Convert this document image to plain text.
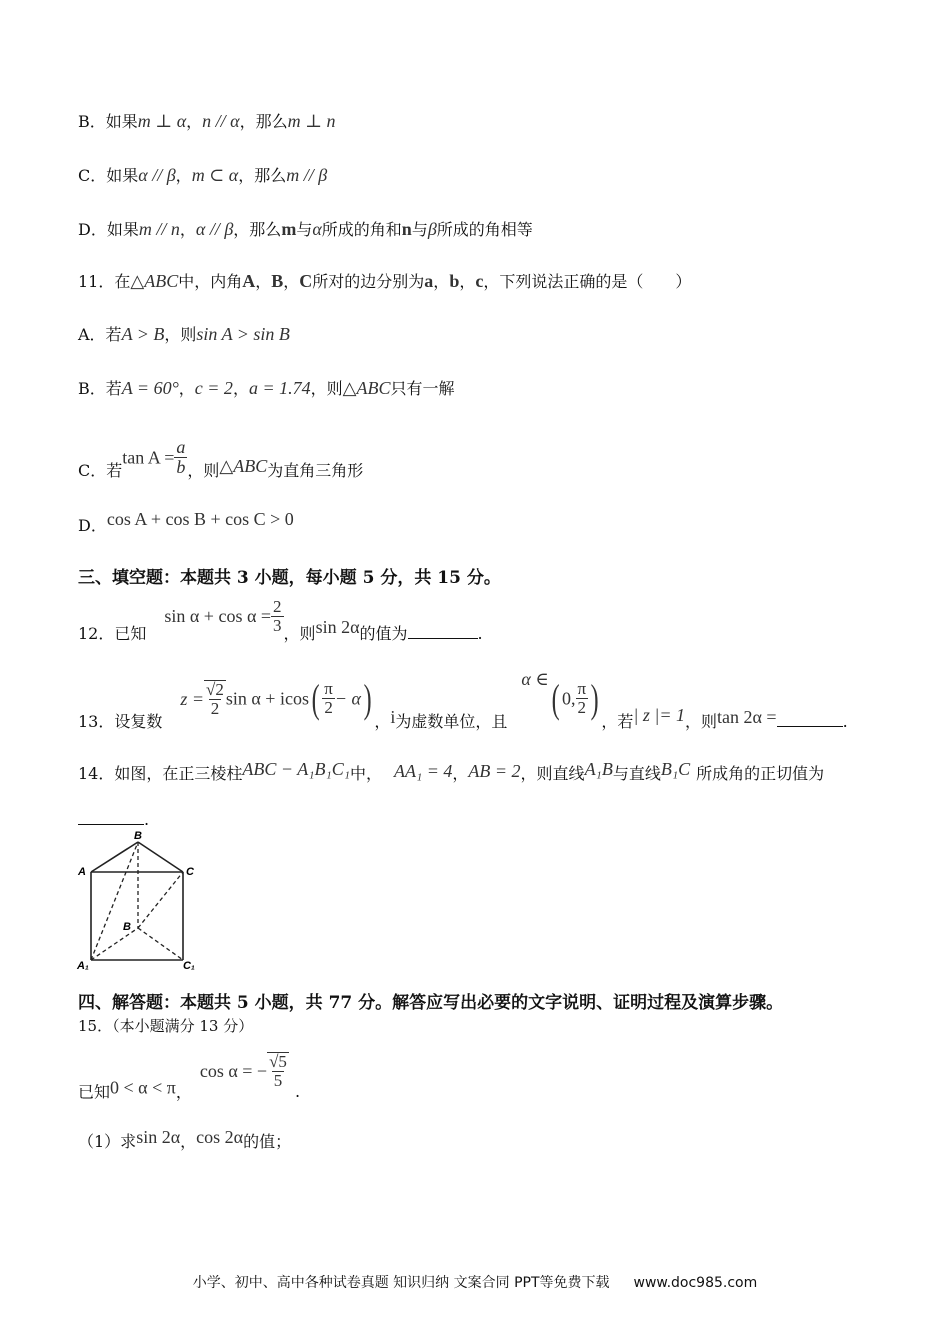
B．如果m ⊥ α，n // α，那么m ⊥ n
C．如果α // β，m ⊂ α，那么m // β
D．如果m // n，α // β，那么m与α所成的角和n与β所成的角相等
11．在△ABC中，内角A，B，C所对的边分别为a，b，c，下列说法正确的是（　　）
A．若A > B，则sin A > sin B
B．若A = 60°，c = 2，a = 1.74，则△ABC只有一解
C．若$\tan A = \frac{a}{b}$ ，则△ABC为直角三角形
D．cos A + cos B + cos C > 0
三、填空题：本题共 3 小题，每小题 5 分，共 15 分。
12．已知$\sin \alpha + \cos \alpha = \frac{2}{3}$ ，则sin 2α的值为	.
13．设复数$z = \frac{√2}{2}$ $\sin \alpha + icos( \frac{\pi}{2} - \alpha)$，i为虚数单位，且α ∈( 0, $\frac{\pi}{2}$ )，若| z |= 1，则tan 2α =	.
14．如图，在正三棱柱ABC − A₁B₁C₁中， AA₁ = 4，AB = 2，则直线A₁B与直线B₁C 所成角的正切值为
.
B
A	C
B
A₁	C₁
四、解答题：本题共 5 小题，共 77 分。解答应写出必要的文字说明、证明过程及演算步骤。
15．（本小题满分 13 分）
已知0 < α < π，cos α = − $\frac{√5}{5}$
.
（1）求sin 2α，cos 2α的值；
小学、初中、高中各种试卷真题 知识归纳 文案合同 PPT等免费下载 www.doc985.com
